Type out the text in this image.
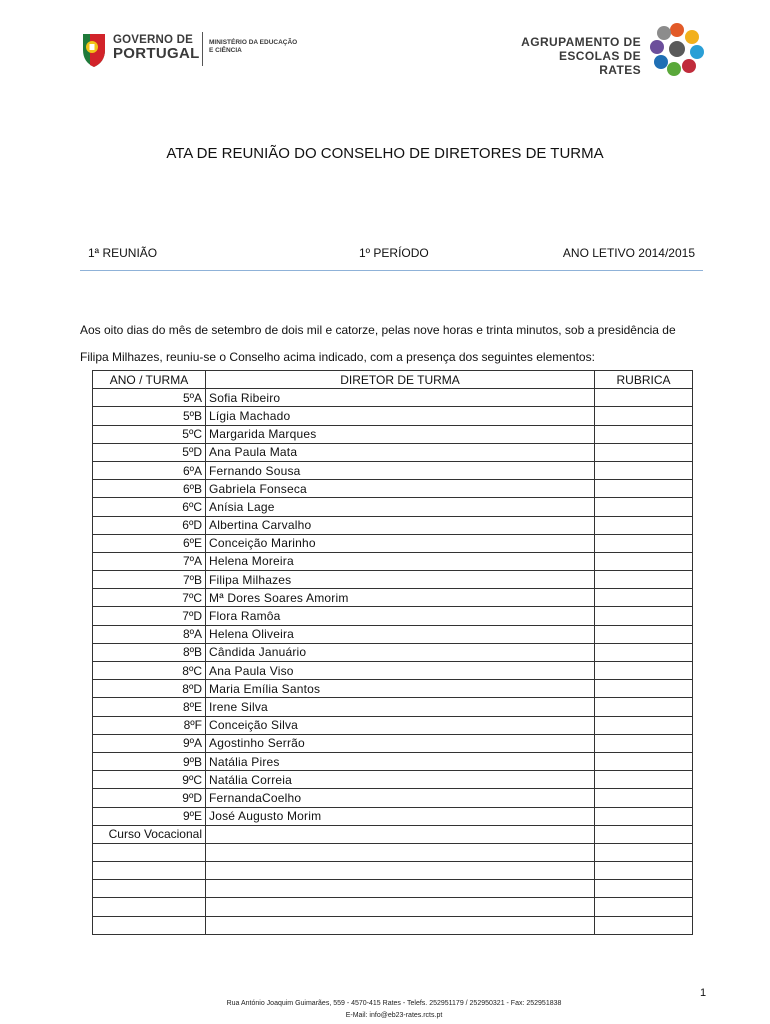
GOVERNO DE
PORTUGAL
MINISTÉRIO DA EDUCAÇÃO
E CIÊNCIA
AGRUPAMENTO DE
ESCOLAS DE RATES
ATA DE REUNIÃO DO CONSELHO DE DIRETORES DE TURMA
1ª REUNIÃO	1º PERÍODO	ANO LETIVO 2014/2015

Aos oito dias do mês de setembro de dois mil e catorze, pelas nove horas e trinta minutos, sob a presidência de

Filipa Milhazes, reuniu-se o Conselho acima indicado, com a presença dos seguintes elementos:

ANO / TURMA	DIRETOR DE TURMA	RUBRICA
5ºA	Sofia Ribeiro	
5ºB	Lígia Machado	
5ºC	Margarida Marques	
5ºD	Ana Paula Mata	
6ºA	Fernando Sousa	
6ºB	Gabriela Fonseca	
6ºC	Anísia Lage	
6ºD	Albertina Carvalho	
6ºE	Conceição Marinho	
7ºA	Helena Moreira	
7ºB	Filipa Milhazes	
7ºC	Mª Dores Soares Amorim	
7ºD	Flora Ramôa	
8ºA	Helena Oliveira	
8ºB	Cândida Januário	
8ºC	Ana Paula Viso	
8ºD	Maria Emília Santos	
8ºE	Irene Silva	
8ºF	Conceição Silva	
9ºA	Agostinho Serrão	
9ºB	Natália Pires	
9ºC	Natália Correia	
9ºD	FernandaCoelho	
9ºE	José Augusto Morim	
Curso Vocacional		

1
Rua António Joaquim Guimarães, 559 - 4570-415 Rates - Telefs. 252951179 / 252950321 - Fax: 252951838
E-Mail: info@eb23-rates.rcts.pt
